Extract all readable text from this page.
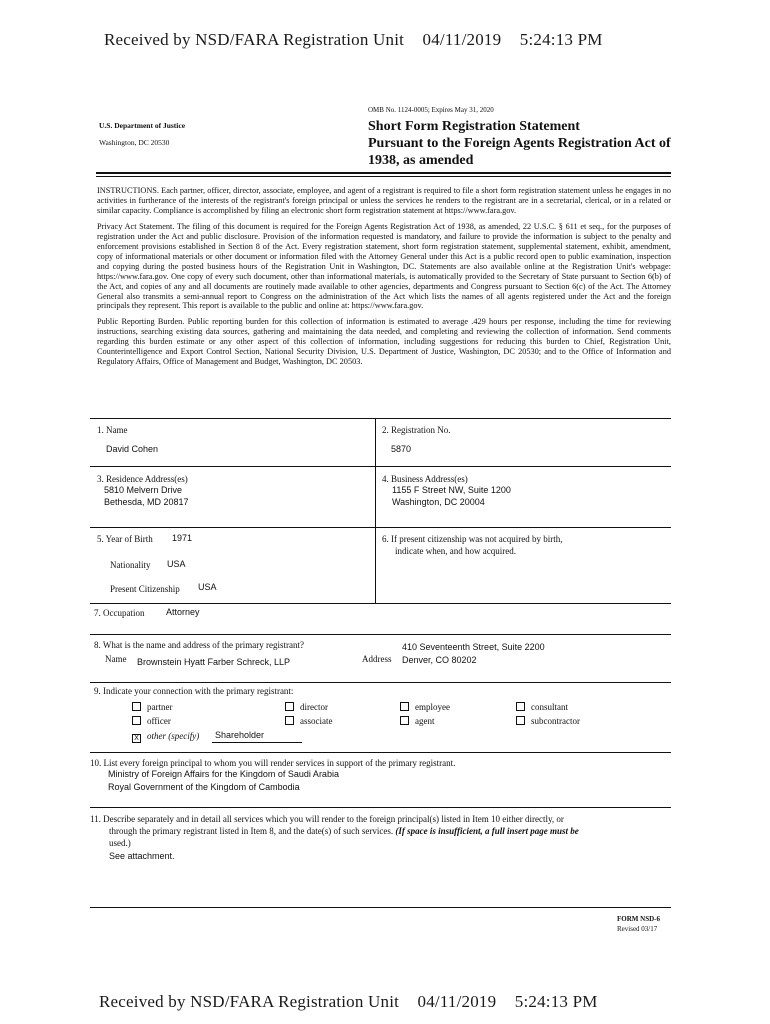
Received by NSD/FARA Registration Unit 04/11/2019 5:24:13 PM
OMB No. 1124-0005; Expires May 31, 2020
U.S. Department of Justice
Washington, DC 20530
Short Form Registration Statement
Pursuant to the Foreign Agents Registration Act of
1938, as amended

INSTRUCTIONS. Each partner, officer, director, associate, employee, and agent of a registrant is required to file a short form registration statement unless he engages in no activities in furtherance of the interests of the registrant's foreign principal or unless the services he renders to the registrant are in a secretarial, clerical, or in a related or similar capacity. Compliance is accomplished by filing an electronic short form registration statement at https://www.fara.gov.

Privacy Act Statement. The filing of this document is required for the Foreign Agents Registration Act of 1938, as amended, 22 U.S.C. § 611 et seq., for the purposes of registration under the Act and public disclosure. Provision of the information requested is mandatory, and failure to provide the information is subject to the penalty and enforcement provisions established in Section 8 of the Act. Every registration statement, short form registration statement, supplemental statement, exhibit, amendment, copy of informational materials or other document or information filed with the Attorney General under this Act is a public record open to public examination, inspection and copying during the posted business hours of the Registration Unit in Washington, DC. Statements are also available online at the Registration Unit's webpage: https://www.fara.gov. One copy of every such document, other than informational materials, is automatically provided to the Secretary of State pursuant to Section 6(b) of the Act, and copies of any and all documents are routinely made available to other agencies, departments and Congress pursuant to Section 6(c) of the Act. The Attorney General also transmits a semi-annual report to Congress on the administration of the Act which lists the names of all agents registered under the Act and the foreign principals they represent. This report is available to the public and online at: https://www.fara.gov.

Public Reporting Burden. Public reporting burden for this collection of information is estimated to average .429 hours per response, including the time for reviewing instructions, searching existing data sources, gathering and maintaining the data needed, and completing and reviewing the collection of information. Send comments regarding this burden estimate or any other aspect of this collection of information, including suggestions for reducing this burden to Chief, Registration Unit, Counterintelligence and Export Control Section, National Security Division, U.S. Department of Justice, Washington, DC 20530; and to the Office of Information and Regulatory Affairs, Office of Management and Budget, Washington, DC 20503.

1. Name
David Cohen
2. Registration No.
5870
3. Residence Address(es)
5810 Melvern Drive
Bethesda, MD 20817
4. Business Address(es)
1155 F Street NW, Suite 1200
Washington, DC 20004
5. Year of Birth 1971	6. If present citizenship was not acquired by birth,
indicate when, and how acquired.
Nationality USA
Present Citizenship USA
7. Occupation Attorney
8. What is the name and address of the primary registrant?
Name Brownstein Hyatt Farber Schreck, LLP
410 Seventeenth Street, Suite 2200
Address Denver, CO 80202
9. Indicate your connection with the primary registrant:
partner	director	employee	consultant
officer	associate	agent	subcontractor
X other (specify) Shareholder
10. List every foreign principal to whom you will render services in support of the primary registrant.
Ministry of Foreign Affairs for the Kingdom of Saudi Arabia
Royal Government of the Kingdom of Cambodia
11. Describe separately and in detail all services which you will render to the foreign principal(s) listed in Item 10 either directly, or
through the primary registrant listed in Item 8, and the date(s) of such services. (If space is insufficient, a full insert page must be
used.)
See attachment.
FORM NSD-6
Revised 03/17
Received by NSD/FARA Registration Unit 04/11/2019 5:24:13 PM
